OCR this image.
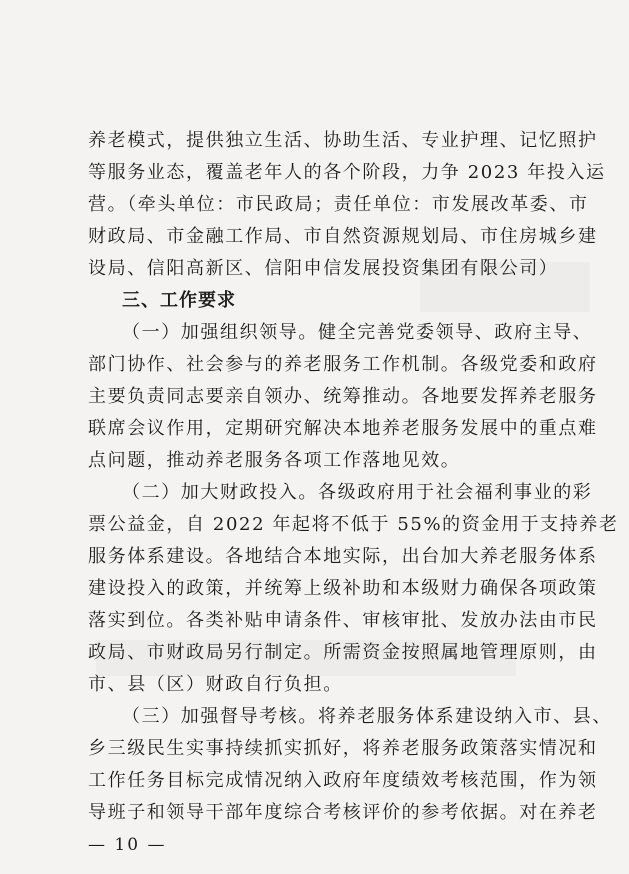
养老模式，提供独立生活、协助生活、专业护理、记忆照护
等服务业态，覆盖老年人的各个阶段，力争 2023 年投入运
营。（牵头单位：市民政局；责任单位：市发展改革委、市
财政局、市金融工作局、市自然资源规划局、市住房城乡建
设局、信阳高新区、信阳申信发展投资集团有限公司）
三、工作要求
（一）加强组织领导。健全完善党委领导、政府主导、
部门协作、社会参与的养老服务工作机制。各级党委和政府
主要负责同志要亲自领办、统筹推动。各地要发挥养老服务
联席会议作用，定期研究解决本地养老服务发展中的重点难
点问题，推动养老服务各项工作落地见效。
（二）加大财政投入。各级政府用于社会福利事业的彩
票公益金，自 2022 年起将不低于 55%的资金用于支持养老
服务体系建设。各地结合本地实际，出台加大养老服务体系
建设投入的政策，并统筹上级补助和本级财力确保各项政策
落实到位。各类补贴申请条件、审核审批、发放办法由市民
政局、市财政局另行制定。所需资金按照属地管理原则，由
市、县（区）财政自行负担。
（三）加强督导考核。将养老服务体系建设纳入市、县、
乡三级民生实事持续抓实抓好，将养老服务政策落实情况和
工作任务目标完成情况纳入政府年度绩效考核范围，作为领
导班子和领导干部年度综合考核评价的参考依据。对在养老
— 10 —
